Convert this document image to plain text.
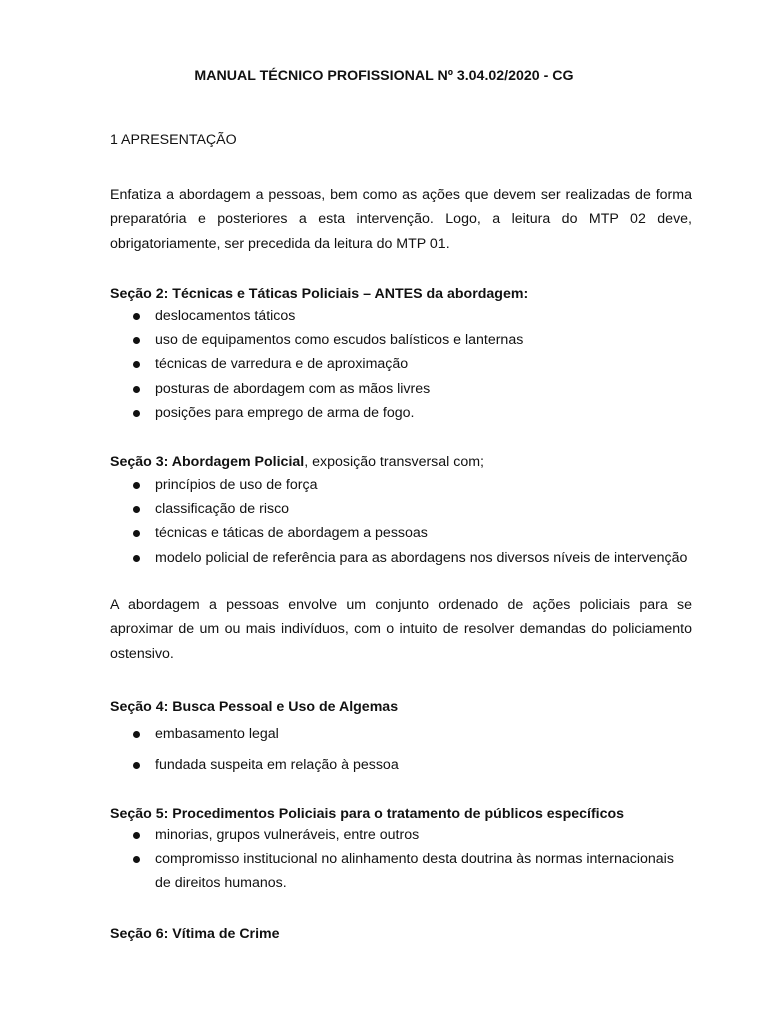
MANUAL TÉCNICO PROFISSIONAL Nº 3.04.02/2020 - CG
1 APRESENTAÇÃO

Enfatiza a abordagem a pessoas, bem como as ações que devem ser realizadas de forma preparatória e posteriores a esta intervenção. Logo, a leitura do MTP 02 deve, obrigatoriamente, ser precedida da leitura do MTP 01.

Seção 2: Técnicas e Táticas Policiais – ANTES da abordagem:

deslocamentos táticos
uso de equipamentos como escudos balísticos e lanternas
técnicas de varredura e de aproximação
posturas de abordagem com as mãos livres
posições para emprego de arma de fogo.

Seção 3: Abordagem Policial, exposição transversal com;

princípios de uso de força
classificação de risco
técnicas e táticas de abordagem a pessoas
modelo policial de referência para as abordagens nos diversos níveis de intervenção

A abordagem a pessoas envolve um conjunto ordenado de ações policiais para se aproximar de um ou mais indivíduos, com o intuito de resolver demandas do policiamento ostensivo.

Seção 4: Busca Pessoal e Uso de Algemas

embasamento legal
fundada suspeita em relação à pessoa

Seção 5: Procedimentos Policiais para o tratamento de públicos específicos

minorias, grupos vulneráveis, entre outros
compromisso institucional no alinhamento desta doutrina às normas internacionais de direitos humanos.

Seção 6: Vítima de Crime
